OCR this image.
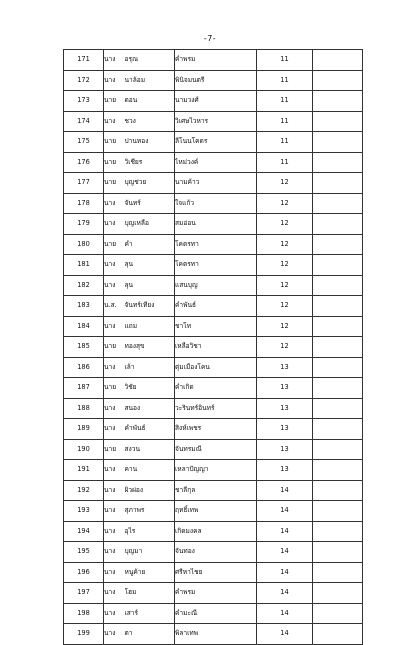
-7-
171	นาง	อรุณ	คำพรม	11	
172	นาง	นาล้อม	พินิจมนตรี	11	
173	นาย	ดอน	นามวงศ์	11	
174	นาง	ชวง	วิเศษไวหาร	11	
175	นาย	ปานทอง	ลีโนนโคตร	11	
176	นาย	วิเชียร	ไหม่วงค์	11	
177	นาย	บุญช่วย	นามค้าว	12	
178	นาง	จันทร์	ใจแก้ว	12	
179	นาง	บุญเหลือ	สมอ่อน	12	
180	นาย	คำ	โคตรทา	12	
181	นาง	ลุน	โคตรทา	12	
182	นาง	ลุน	แสนบุญ	12	
183	น.ส.	จันทร์เทียง	คำพันธ์	12	
184	นาง	แถม	ชาโท	12	
185	นาย	ทองสุข	เหลือวิชา	12	
186	นาง	เล้า	ตุ่มเมืองโคน	13	
187	นาย	วิชัย	คำเกิด	13	
188	นาง	สนอง	วะรินทร์อินทร์	13	
189	นาง	คำพันธ์	สิงห์เพชร	13	
190	นาย	สงวน	จันทรมณี	13	
191	นาง	คาน	เหลาปัญญา	13	
192	นาง	ผิวผ่อง	ชาลีกุล	14	
193	นาง	สุภาพร	ฤทธิ์เทพ	14	
194	นาง	อุไร	เกิดมงคล	14	
195	นาง	บุญมา	จันทอง	14	
196	นาง	หนูค้าย	ศรีหาไชย	14	
197	นาง	โฮม	คำพรม	14	
198	นาง	เสาร์	คำมะณี	14	
199	นาง	ตา	พิลาเทพ	14	
